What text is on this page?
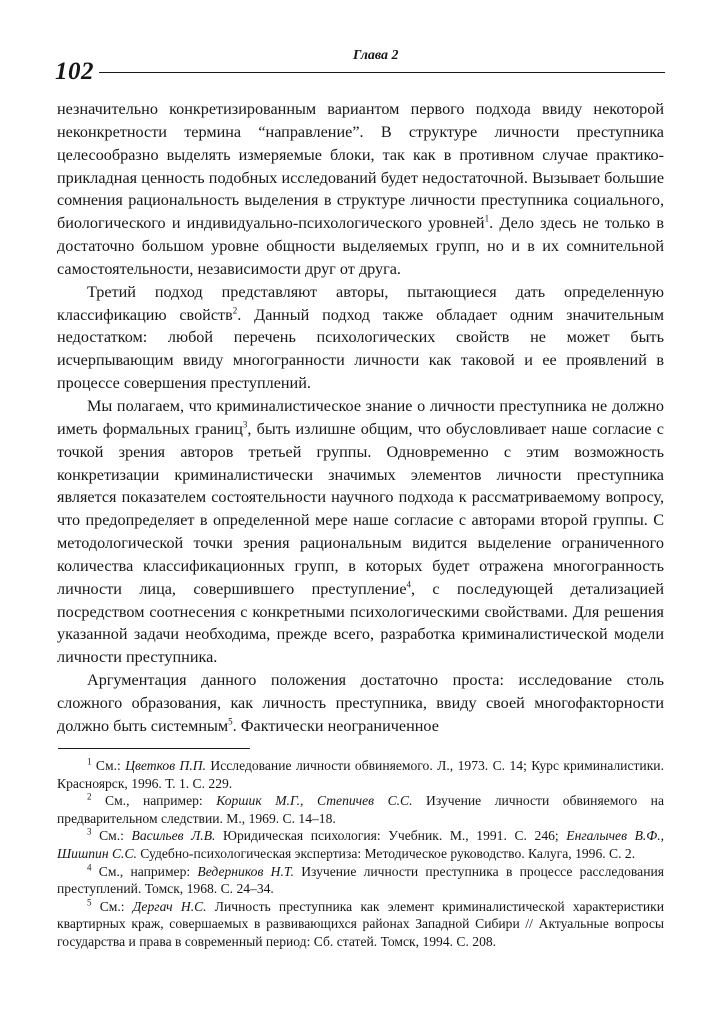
102
Глава 2

незначительно конкретизированным вариантом первого подхода ввиду некоторой неконкретности термина “направление”. В структуре личности преступника целесообразно выделять измеряемые блоки, так как в противном случае практико-прикладная ценность подобных исследований будет недостаточной. Вызывает большие сомнения рациональность выделения в структуре личности преступника социального, биологического и индивидуально-психологического уровней$^1$. Дело здесь не только в достаточно большом уровне общности выделяемых групп, но и в их сомнительной самостоятельности, независимости друг от друга.

Третий подход представляют авторы, пытающиеся дать определенную классификацию свойств$^2$. Данный подход также обладает одним значительным недостатком: любой перечень психологических свойств не может быть исчерпывающим ввиду многогранности личности как таковой и ее проявлений в процессе совершения преступлений.

Мы полагаем, что криминалистическое знание о личности преступника не должно иметь формальных границ$^3$, быть излишне общим, что обусловливает наше согласие с точкой зрения авторов третьей группы. Одновременно с этим возможность конкретизации криминалистически значимых элементов личности преступника является показателем состоятельности научного подхода к рассматриваемому вопросу, что предопределяет в определенной мере наше согласие с авторами второй группы. С методологической точки зрения рациональным видится выделение ограниченного количества классификационных групп, в которых будет отражена многогранность личности лица, совершившего преступление$^4$, с последующей детализацией посредством соотнесения с конкретными психологическими свойствами. Для решения указанной задачи необходима, прежде всего, разработка криминалистической модели личности преступника.

Аргументация данного положения достаточно проста: исследование столь сложного образования, как личность преступника, ввиду своей многофакторности должно быть системным$^5$. Фактически неограниченное

$^1$ См.: Цветков П.П. Исследование личности обвиняемого. Л., 1973. С. 14; Курс криминалистики. Красноярск, 1996. Т. 1. С. 229.

$^2$ См., например: Коршик М.Г., Степичев С.С. Изучение личности обвиняемого на предварительном следствии. М., 1969. С. 14–18.

$^3$ См.: Васильев Л.В. Юридическая психология: Учебник. М., 1991. С. 246; Енгалычев В.Ф., Шишпин С.С. Судебно-психологическая экспертиза: Методическое руководство. Калуга, 1996. С. 2.

$^4$ См., например: Ведерников Н.Т. Изучение личности преступника в процессе расследования преступлений. Томск, 1968. С. 24–34.

$^5$ См.: Дергач Н.С. Личность преступника как элемент криминалистической характеристики квартирных краж, совершаемых в развивающихся районах Западной Сибири // Актуальные вопросы государства и права в современный период: Сб. статей. Томск, 1994. С. 208.
